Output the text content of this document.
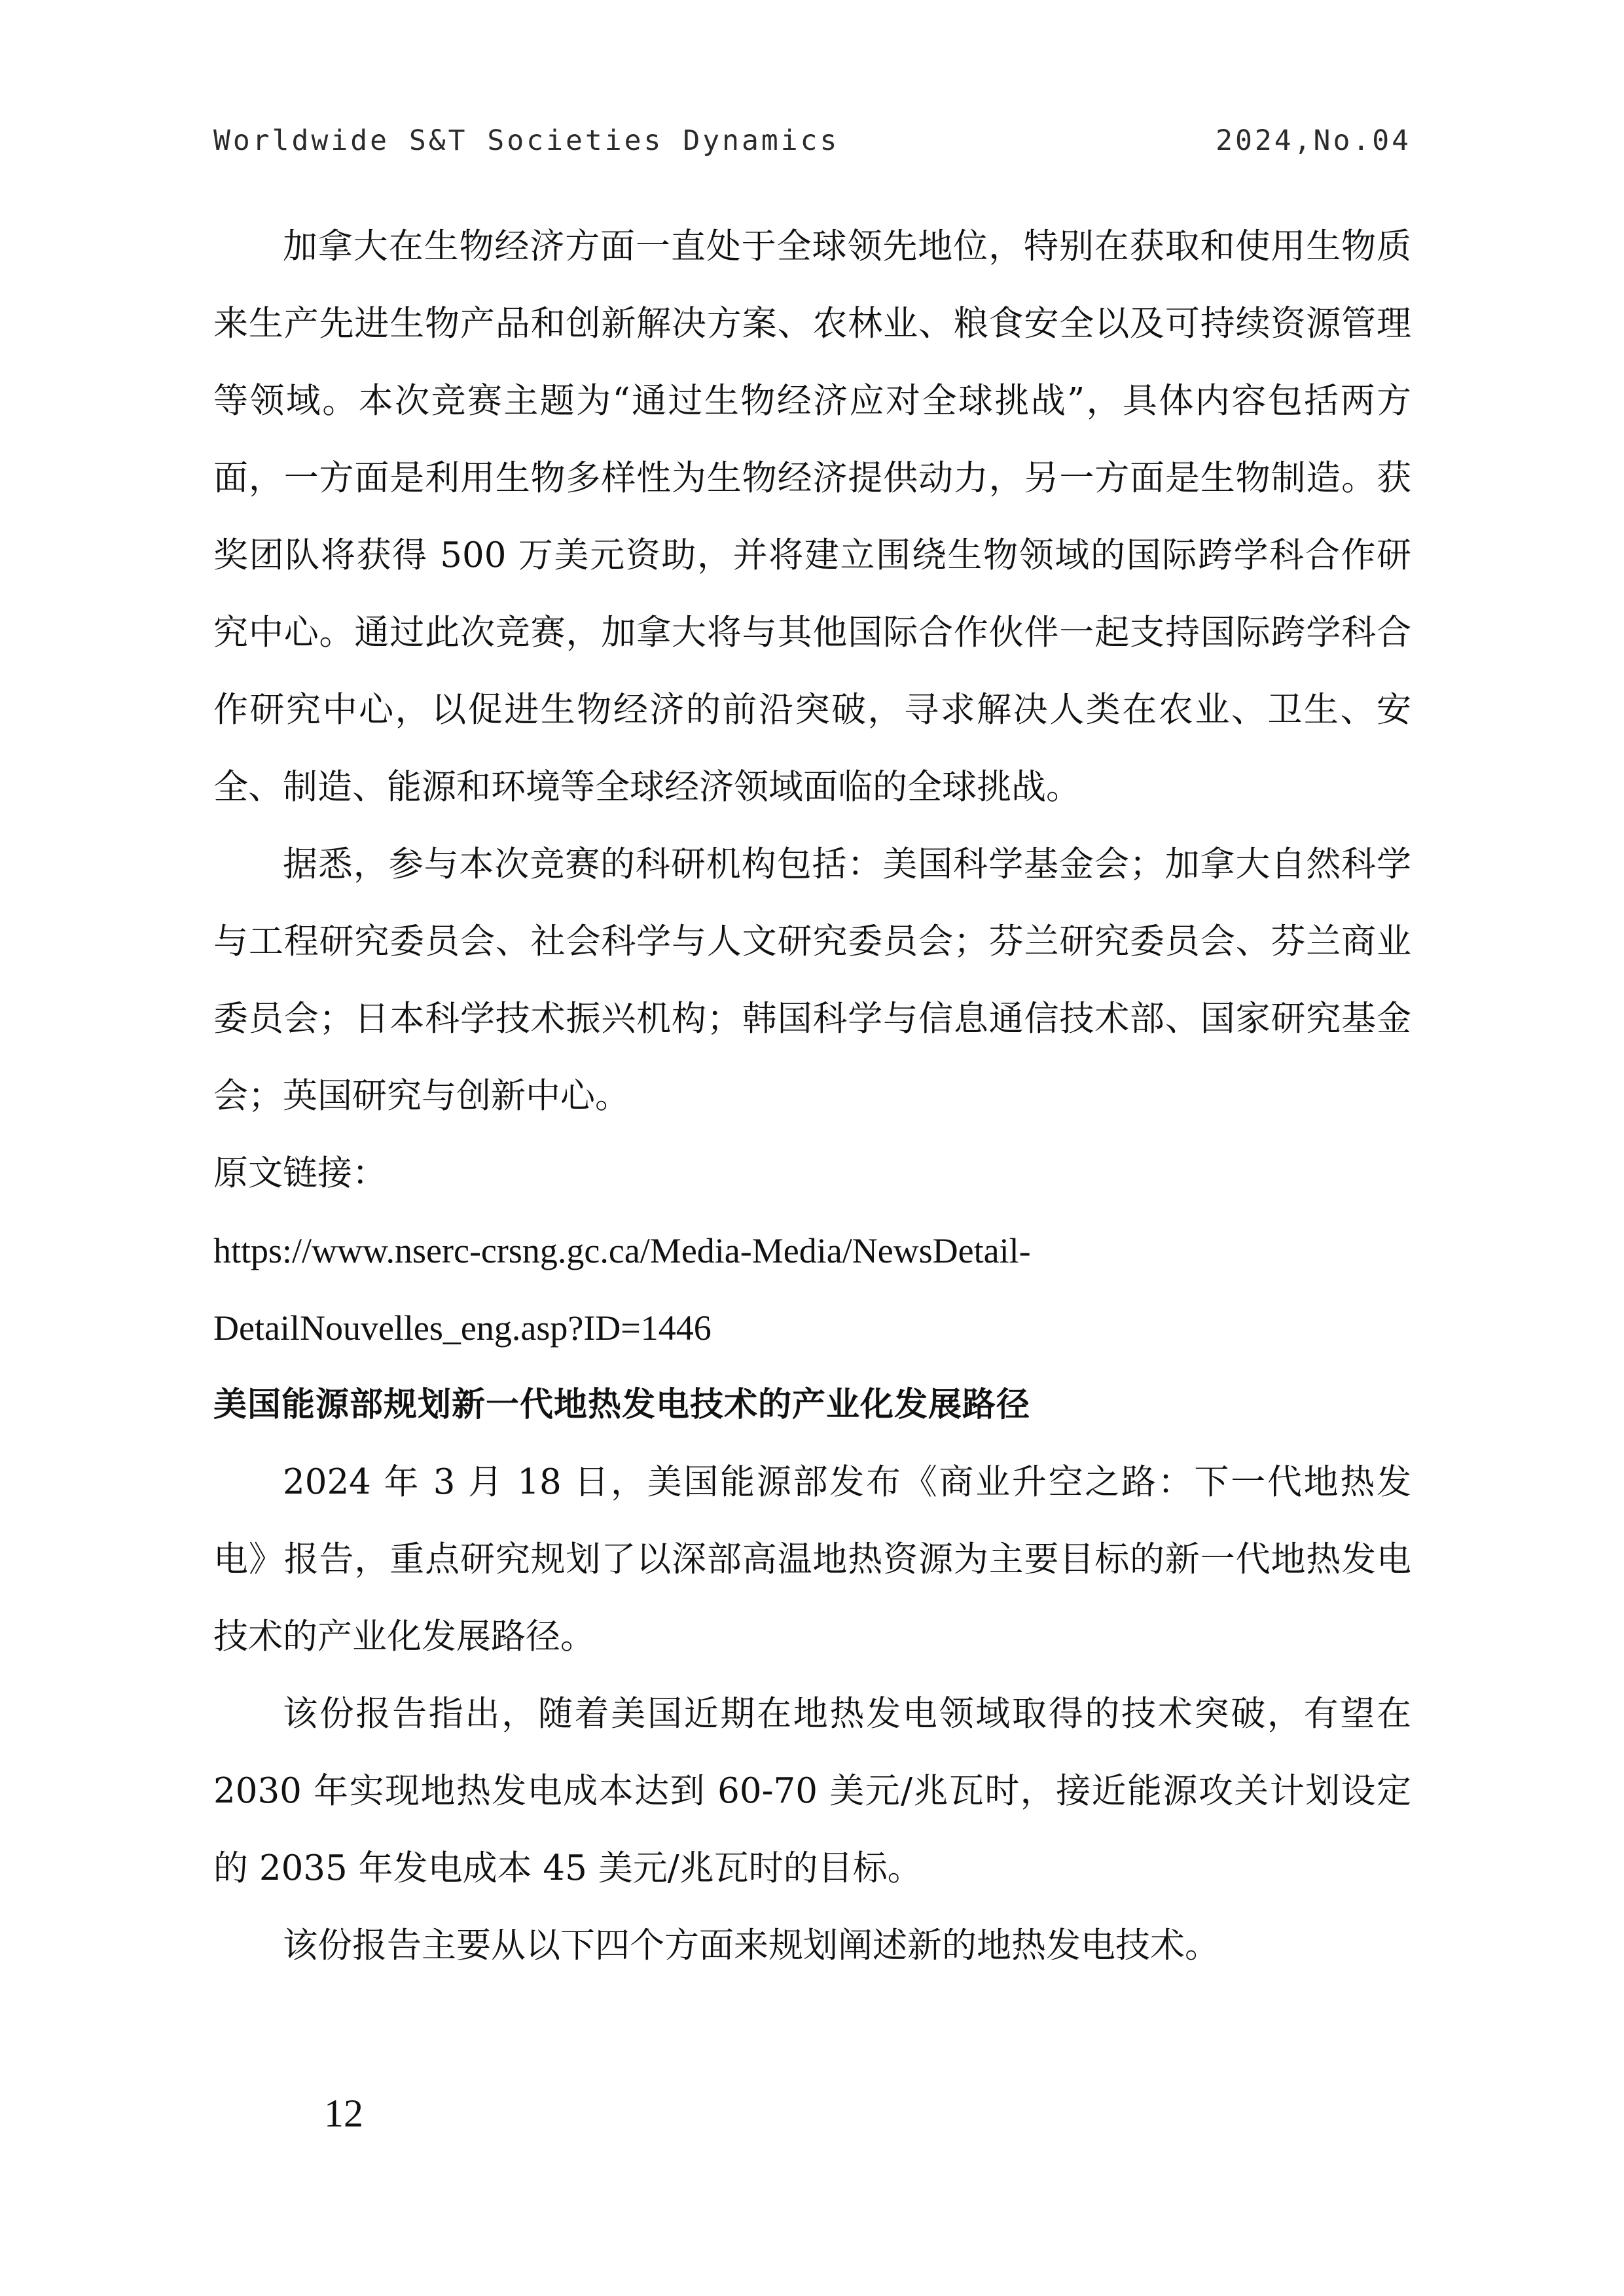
Worldwide S&T Societies Dynamics	2024,No.04

加拿大在生物经济方面一直处于全球领先地位，特别在获取和使用生物质来生产先进生物产品和创新解决方案、农林业、粮食安全以及可持续资源管理等领域。本次竞赛主题为“通过生物经济应对全球挑战”，具体内容包括两方面，一方面是利用生物多样性为生物经济提供动力，另一方面是生物制造。获奖团队将获得 500 万美元资助，并将建立围绕生物领域的国际跨学科合作研究中心。通过此次竞赛，加拿大将与其他国际合作伙伴一起支持国际跨学科合作研究中心，以促进生物经济的前沿突破，寻求解决人类在农业、卫生、安全、制造、能源和环境等全球经济领域面临的全球挑战。

据悉，参与本次竞赛的科研机构包括：美国科学基金会；加拿大自然科学与工程研究委员会、社会科学与人文研究委员会；芬兰研究委员会、芬兰商业委员会；日本科学技术振兴机构；韩国科学与信息通信技术部、国家研究基金会；英国研究与创新中心。

原文链接：

https://www.nserc-crsng.gc.ca/Media-Media/NewsDetail-

DetailNouvelles_eng.asp?ID=1446

美国能源部规划新一代地热发电技术的产业化发展路径

2024 年 3 月 18 日，美国能源部发布《商业升空之路：下一代地热发电》报告，重点研究规划了以深部高温地热资源为主要目标的新一代地热发电技术的产业化发展路径。

该份报告指出，随着美国近期在地热发电领域取得的技术突破，有望在 2030 年实现地热发电成本达到 60-70 美元/兆瓦时，接近能源攻关计划设定的 2035 年发电成本 45 美元/兆瓦时的目标。

该份报告主要从以下四个方面来规划阐述新的地热发电技术。

12
